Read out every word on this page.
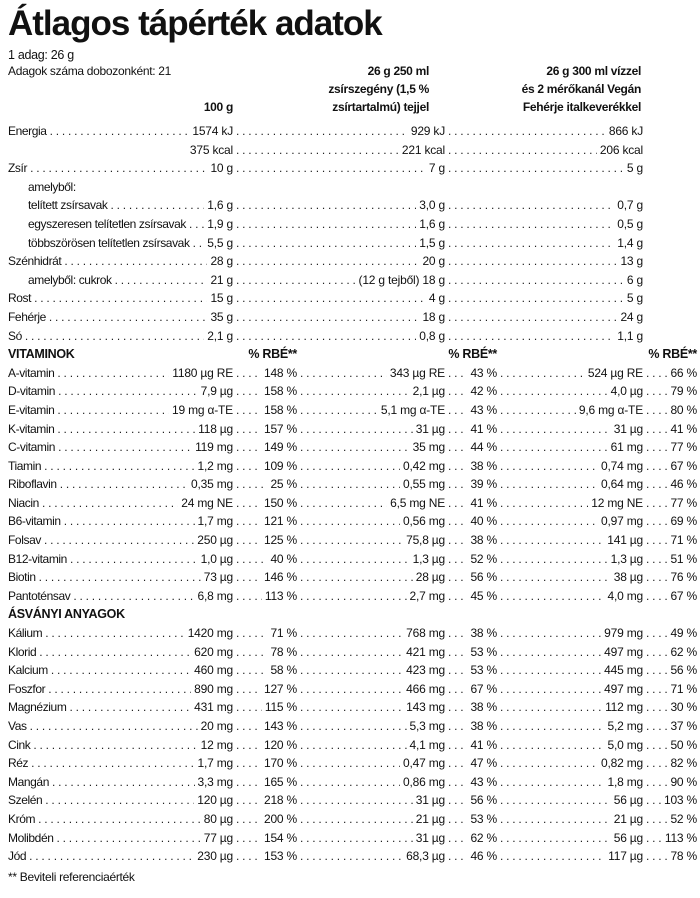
Átlagos tápérték adatok
1 adag: 26 g
Adagok száma dobozonként: 21	26 g 250 ml	26 g 300 ml vízzel
zsírszegény (1,5 %	és 2 mérőkanál Vegán
100 g	zsírtartalmú) tejjel	Fehérje italkeverékkel
Energia .....	1574 kJ .....	929 kJ .....	866 kJ
375 kcal .....	221 kcal .....	206 kcal
Zsír .....	10 g .....	7 g .....	5 g
amelyből:
telített zsírsavak .....	1,6 g .....	3,0 g .....	0,7 g
egyszeresen telítetlen zsírsavak ..... 1,9 g .....	1,6 g .....	0,5 g
többszörösen telítetlen zsírsavak ..... 5,5 g .....	1,5 g .....	1,4 g
Szénhidrát .....	28 g .....	20 g .....	13 g
amelyből: cukrok .....	21 g .....	(12 g tejből) 18 g .....	6 g
Rost .....	15 g .....	4 g .....	5 g
Fehérje .....	35 g .....	18 g .....	24 g
Só .....	2,1 g .....	0,8 g .....	1,1 g
VITAMINOK	% RBÉ**	% RBÉ**	% RBÉ**
A-vitamin .....	1180 µg RE .....	148 % .....	343 µg RE ..... 43 % .....	524 µg RE ..... 66 %
D-vitamin .....	7,9 µg .....	158 % .....	2,1 µg ..... 42 % .....	4,0 µg ..... 79 %
E-vitamin .....	19 mg α-TE .....	158 % .....	5,1 mg α-TE ..... 43 % .....	9,6 mg α-TE ..... 80 %
K-vitamin .....	118 µg .....	157 % .....	31 µg ..... 41 % .....	31 µg ..... 41 %
C-vitamin .....	119 mg .....	149 % .....	35 mg ..... 44 % .....	61 mg ..... 77 %
Tiamin .....	1,2 mg .....	109 % .....	0,42 mg ..... 38 % .....	0,74 mg ..... 67 %
Riboflavin .....	0,35 mg .....	25 % .....	0,55 mg ..... 39 % .....	0,64 mg ..... 46 %
Niacin .....	24 mg NE .....	150 % .....	6,5 mg NE ..... 41 % .....	12 mg NE ..... 77 %
B6-vitamin .....	1,7 mg .....	121 % .....	0,56 mg ..... 40 % .....	0,97 mg ..... 69 %
Folsav .....	250 µg .....	125 % .....	75,8 µg ..... 38 % .....	141 µg ..... 71 %
B12-vitamin .....	1,0 µg .....	40 % .....	1,3 µg ..... 52 % .....	1,3 µg ..... 51 %
Biotin .....	73 µg .....	146 % .....	28 µg ..... 56 % .....	38 µg ..... 76 %
Pantoténsav .....	6,8 mg .....	113 % .....	2,7 mg ..... 45 % .....	4,0 mg ..... 67 %
ÁSVÁNYI ANYAGOK
Kálium .....	1420 mg .....	71 % .....	768 mg ..... 38 % .....	979 mg ..... 49 %
Klorid .....	620 mg .....	78 % .....	421 mg ..... 53 % .....	497 mg ..... 62 %
Kalcium .....	460 mg .....	58 % .....	423 mg ..... 53 % .....	445 mg ..... 56 %
Foszfor .....	890 mg .....	127 % .....	466 mg ..... 67 % .....	497 mg ..... 71 %
Magnézium .....	431 mg .....	115 % .....	143 mg ..... 38 % .....	112 mg ..... 30 %
Vas .....	20 mg .....	143 % .....	5,3 mg ..... 38 % .....	5,2 mg ..... 37 %
Cink .....	12 mg .....	120 % .....	4,1 mg ..... 41 % .....	5,0 mg ..... 50 %
Réz .....	1,7 mg .....	170 % .....	0,47 mg ..... 47 % .....	0,82 mg ..... 82 %
Mangán .....	3,3 mg .....	165 % .....	0,86 mg ..... 43 % .....	1,8 mg ..... 90 %
Szelén .....	120 µg .....	218 % .....	31 µg ..... 56 % .....	56 µg ..... 103 %
Króm .....	80 µg .....	200 % .....	21 µg ..... 53 % .....	21 µg ..... 52 %
Molibdén .....	77 µg .....	154 % .....	31 µg ..... 62 % .....	56 µg ..... 113 %
Jód .....	230 µg .....	153 % .....	68,3 µg ..... 46 % .....	117 µg ..... 78 %
** Beviteli referenciaérték
